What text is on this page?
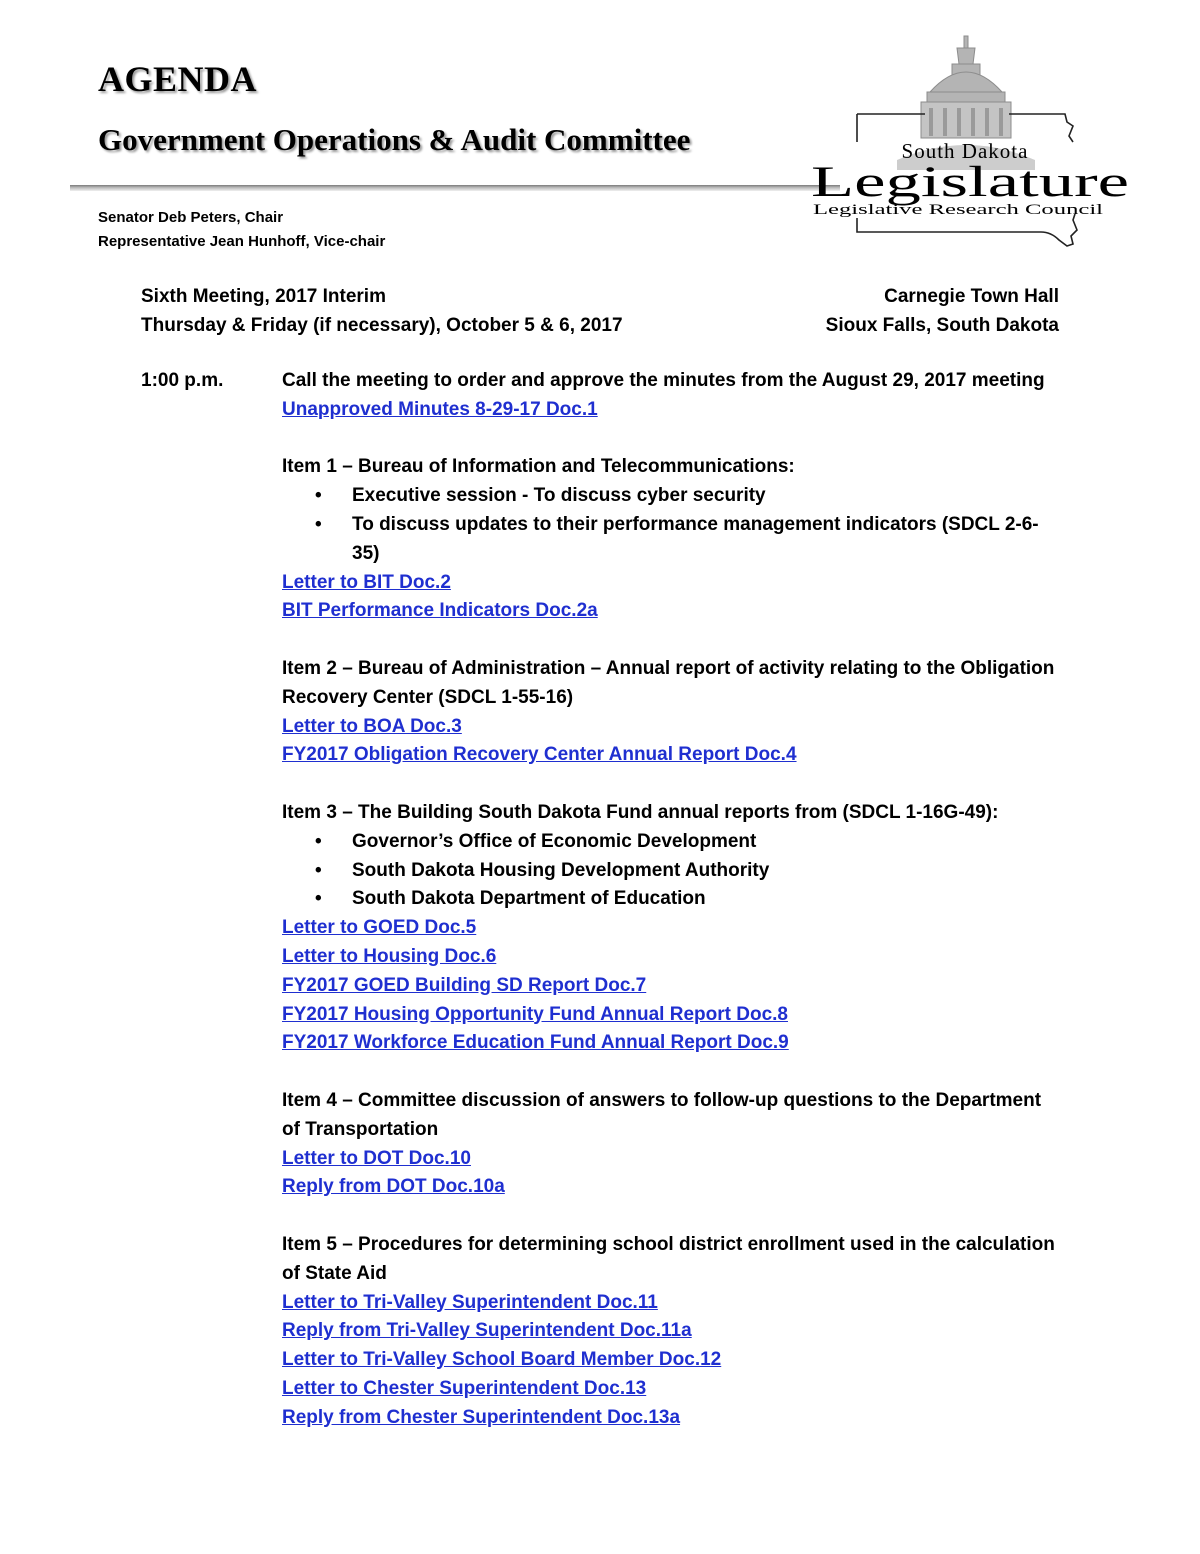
AGENDA
Government Operations & Audit Committee	South Dakota
Legislature
Legislative Research Council
Senator Deb Peters, Chair
Representative Jean Hunhoff, Vice-chair
Sixth Meeting, 2017 Interim	Carnegie Town Hall
Thursday & Friday (if necessary), October 5 & 6, 2017	Sioux Falls, South Dakota
1:00 p.m.	Call the meeting to order and approve the minutes from the August 29, 2017 meeting

Unapproved Minutes 8-29-17 Doc.1

Item 1 – Bureau of Information and Telecommunications:

• Executive session - To discuss cyber security
• To discuss updates to their performance management indicators (SDCL 2-6-35)
Letter to BIT Doc.2
BIT Performance Indicators Doc.2a

Item 2 – Bureau of Administration – Annual report of activity relating to the Obligation Recovery Center (SDCL 1-55-16)

Letter to BOA Doc.3
FY2017 Obligation Recovery Center Annual Report Doc.4

Item 3 – The Building South Dakota Fund annual reports from (SDCL 1-16G-49):

• Governor’s Office of Economic Development
• South Dakota Housing Development Authority
• South Dakota Department of Education
Letter to GOED Doc.5
Letter to Housing Doc.6
FY2017 GOED Building SD Report Doc.7
FY2017 Housing Opportunity Fund Annual Report Doc.8
FY2017 Workforce Education Fund Annual Report Doc.9

Item 4 – Committee discussion of answers to follow-up questions to the Department of Transportation

Letter to DOT Doc.10
Reply from DOT Doc.10a

Item 5 – Procedures for determining school district enrollment used in the calculation of State Aid

Letter to Tri-Valley Superintendent Doc.11
Reply from Tri-Valley Superintendent Doc.11a
Letter to Tri-Valley School Board Member Doc.12
Letter to Chester Superintendent Doc.13
Reply from Chester Superintendent Doc.13a
